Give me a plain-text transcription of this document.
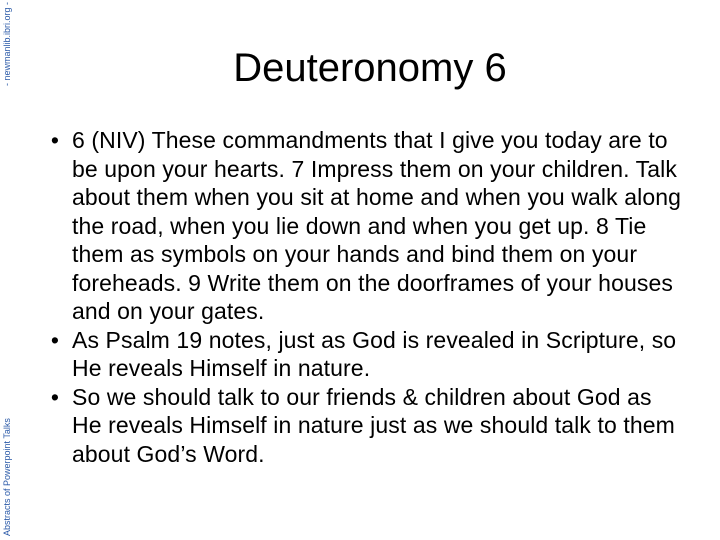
- newmanlib.ibri.org -
Abstracts of Powerpoint Talks
Deuteronomy 6
• 6 (NIV) These commandments that I give you today are to be upon your hearts. 7 Impress them on your children. Talk about them when you sit at home and when you walk along the road, when you lie down and when you get up. 8 Tie them as symbols on your hands and bind them on your foreheads. 9 Write them on the doorframes of your houses and on your gates.
• As Psalm 19 notes, just as God is revealed in Scripture, so He reveals Himself in nature.
• So we should talk to our friends & children about God as He reveals Himself in nature just as we should talk to them about God’s Word.
